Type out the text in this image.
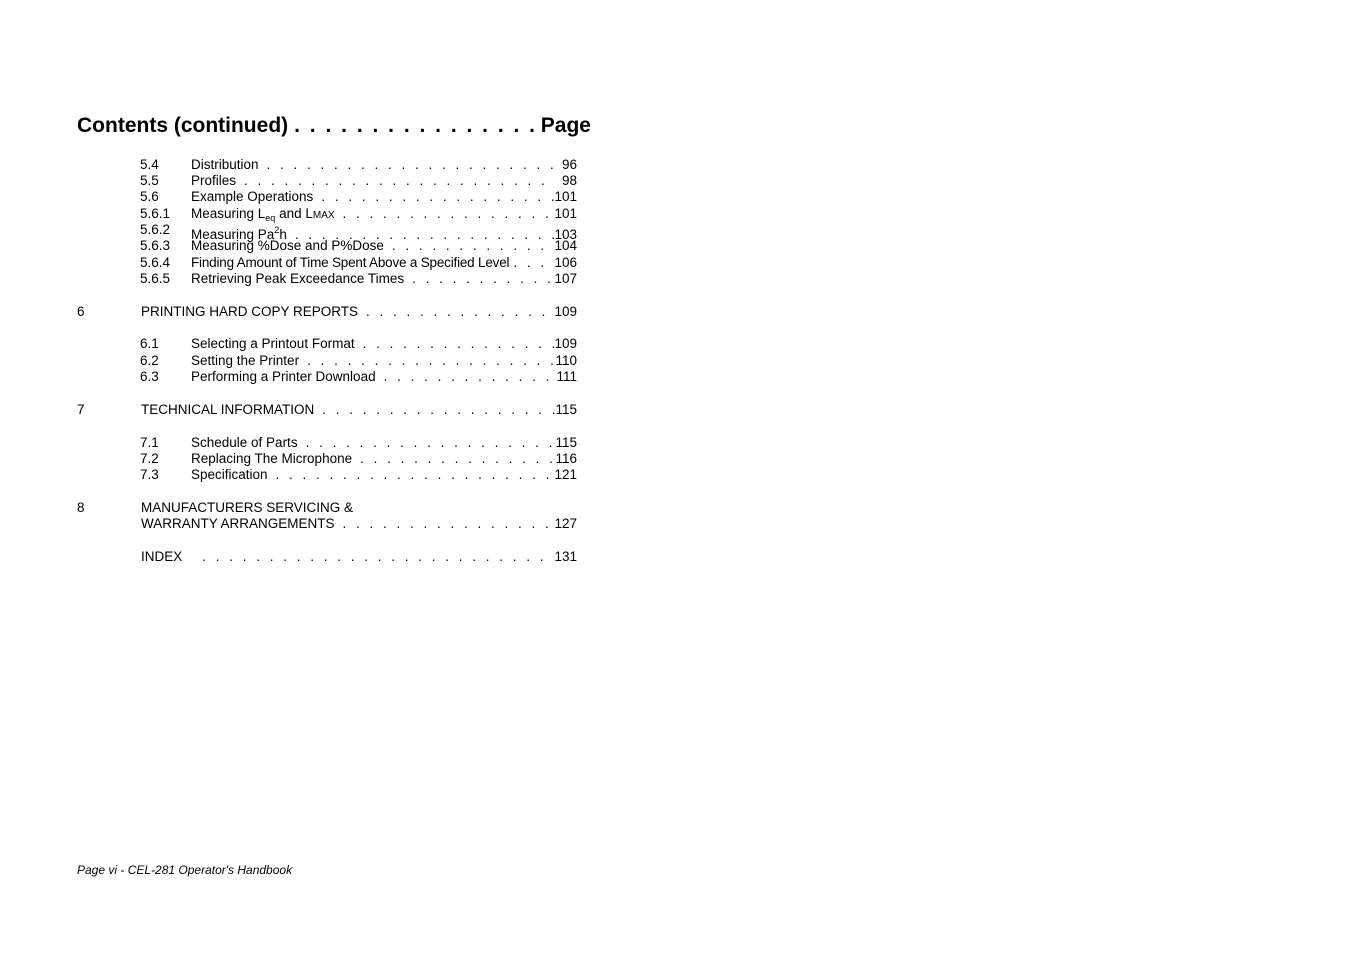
Contents (continued) . . .	Page
5.4 Distribution . . .	96
5.5 Profiles . . .	98
5.6 Example Operations . . .	101
5.6.1 Measuring $L_{eq}$ and LMAX . . .	101
5.6.2 Measuring Pa$^2$h . . .	103
5.6.3 Measuring %Dose and P%Dose . . .	104
5.6.4 Finding Amount of Time Spent Above a Specified Level . . .	106
5.6.5 Retrieving Peak Exceedance Times . . .	107
6	PRINTING HARD COPY REPORTS . . .	109
6.1 Selecting a Printout Format . . .	109
6.2 Setting the Printer . . .	110
6.3 Performing a Printer Download . . .	111
7	TECHNICAL INFORMATION . . .	115
7.1 Schedule of Parts . . .	115
7.2 Replacing The Microphone . . .	116
7.3 Specification . . .	121
8	MANUFACTURERS SERVICING &
WARRANTY ARRANGEMENTS . . .	127
INDEX . . .	131
Page vi - CEL-281 Operator's Handbook
